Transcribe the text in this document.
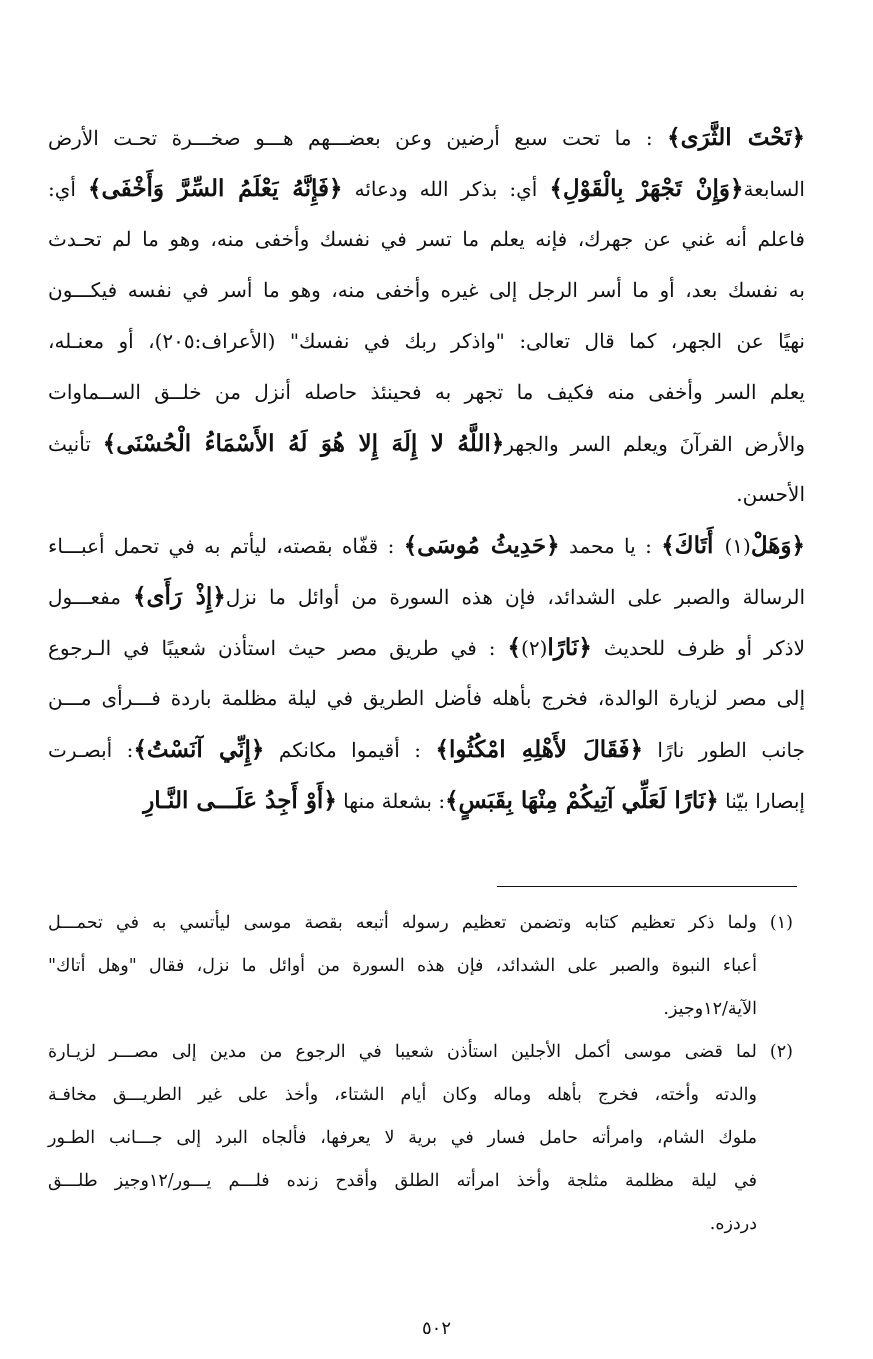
﴿تَحْتَ الثَّرَى﴾ : ما تحت سبع أرضين وعن بعضـــهم هـــو صخـــرة تحـت الأرض
السابعة﴿وَإِنْ تَجْهَرْ بِالْقَوْلِ﴾ أي: بذكر الله ودعائه ﴿فَإِنَّهُ يَعْلَمُ السِّرَّ وَأَخْفَى﴾ أي:
فاعلم أنه غني عن جهرك، فإنه يعلم ما تسر في نفسك وأخفى منه، وهو ما لم تحـدث
به نفسك بعد، أو ما أسر الرجل إلى غيره وأخفى منه، وهو ما أسر في نفسه فيكـــون
نهيًا عن الجهر، كما قال تعالى: "واذكر ربك في نفسك" (الأعراف:٢٠٥)، أو معنـله،
يعلم السر وأخفى منه فكيف ما تجهر به فحينئذ حاصله أنزل من خلــق الســماوات
والأرض القرآنَ ويعلم السر والجهر﴿اللَّهُ لا إِلَهَ إِلا هُوَ لَهُ الأَسْمَاءُ الْحُسْنَى﴾ تأنيث
الأحسن.
﴿وَهَلْ(١) أَتَاكَ﴾ : يا محمد ﴿حَدِيثُ مُوسَى﴾ : قفّاه بقصته، ليأتم به في تحمل أعبـــاء
الرسالة والصبر على الشدائد، فإن هذه السورة من أوائل ما نزل﴿إِذْ رَأَى﴾ مفعـــول
لاذكر أو ظرف للحديث ﴿نَارًا(٢)﴾ : في طريق مصر حيث استأذن شعيبًا في الـرجوع
إلى مصر لزيارة الوالدة، فخرج بأهله فأضل الطريق في ليلة مظلمة باردة فـــرأى مـــن
جانب الطور نارًا ﴿فَقَالَ لأَهْلِهِ امْكُثُوا﴾ : أقيموا مكانكم ﴿إِنِّي آنَسْتُ﴾: أبصـرت
إبصارا بيّنا ﴿نَارًا لَعَلِّي آتِيكُمْ مِنْهَا بِقَبَسٍ﴾: بشعلة منها ﴿أَوْ أَجِدُ عَلَـــى النَّـارِ
(١) ولما ذكر تعظيم كتابه وتضمن تعظيم رسوله أتبعه بقصة موسى ليأتسي به في تحمـــل
أعباء النبوة والصبر على الشدائد، فإن هذه السورة من أوائل ما نزل، فقال "وهل أتاك"
الآية/١٢وجيز.
(٢) لما قضى موسى أكمل الأجلين استأذن شعيبا في الرجوع من مدين إلى مصـــر لزيـارة
والدته وأخته، فخرج بأهله وماله وكان أيام الشتاء، وأخذ على غير الطريـــق مخافـة
ملوك الشام، وامرأته حامل فسار في برية لا يعرفها، فألجاه البرد إلى جـــانب الطـور
في ليلة مظلمة مثلجة وأخذ امرأته الطلق وأقدح زنده فلـــم يـــور/١٢وجيز طلـــق
دردزه.
٥٠٢
